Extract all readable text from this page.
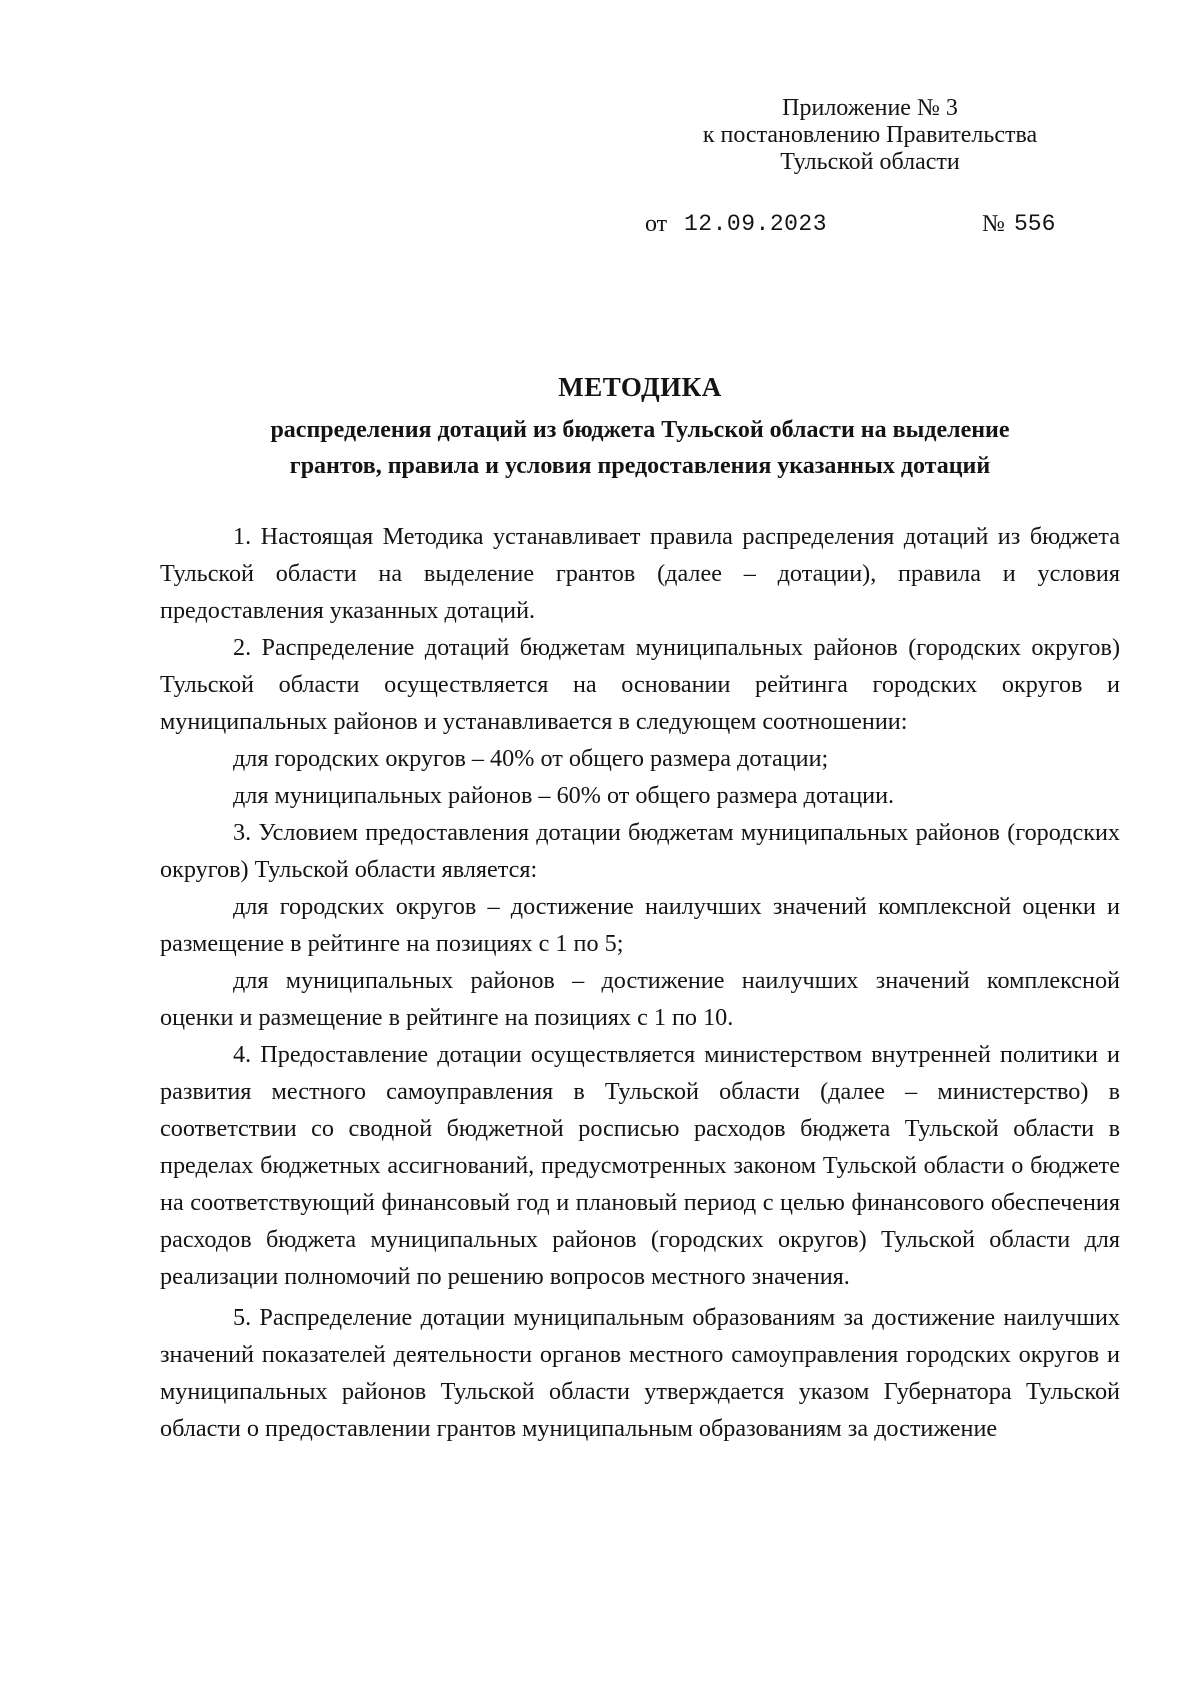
Приложение № 3
к постановлению Правительства
Тульской области
от 12.09.2023	№ 556
МЕТОДИКА
распределения дотаций из бюджета Тульской области на выделение
грантов, правила и условия предоставления указанных дотаций

1. Настоящая Методика устанавливает правила распределения дотаций из бюджета Тульской области на выделение грантов (далее – дотации), правила и условия предоставления указанных дотаций.

2. Распределение дотаций бюджетам муниципальных районов (городских округов) Тульской области осуществляется на основании рейтинга городских округов и муниципальных районов и устанавливается в следующем соотношении:

для городских округов – 40% от общего размера дотации;

для муниципальных районов – 60% от общего размера дотации.

3. Условием предоставления дотации бюджетам муниципальных районов (городских округов) Тульской области является:

для городских округов – достижение наилучших значений комплексной оценки и размещение в рейтинге на позициях с 1 по 5;

для муниципальных районов – достижение наилучших значений комплексной оценки и размещение в рейтинге на позициях с 1 по 10.

4. Предоставление дотации осуществляется министерством внутренней политики и развития местного самоуправления в Тульской области (далее – министерство) в соответствии со сводной бюджетной росписью расходов бюджета Тульской области в пределах бюджетных ассигнований, предусмотренных законом Тульской области о бюджете на соответствующий финансовый год и плановый период с целью финансового обеспечения расходов бюджета муниципальных районов (городских округов) Тульской области для реализации полномочий по решению вопросов местного значения.

5. Распределение дотации муниципальным образованиям за достижение наилучших значений показателей деятельности органов местного самоуправления городских округов и муниципальных районов Тульской области утверждается указом Губернатора Тульской области о предоставлении грантов муниципальным образованиям за достижение
